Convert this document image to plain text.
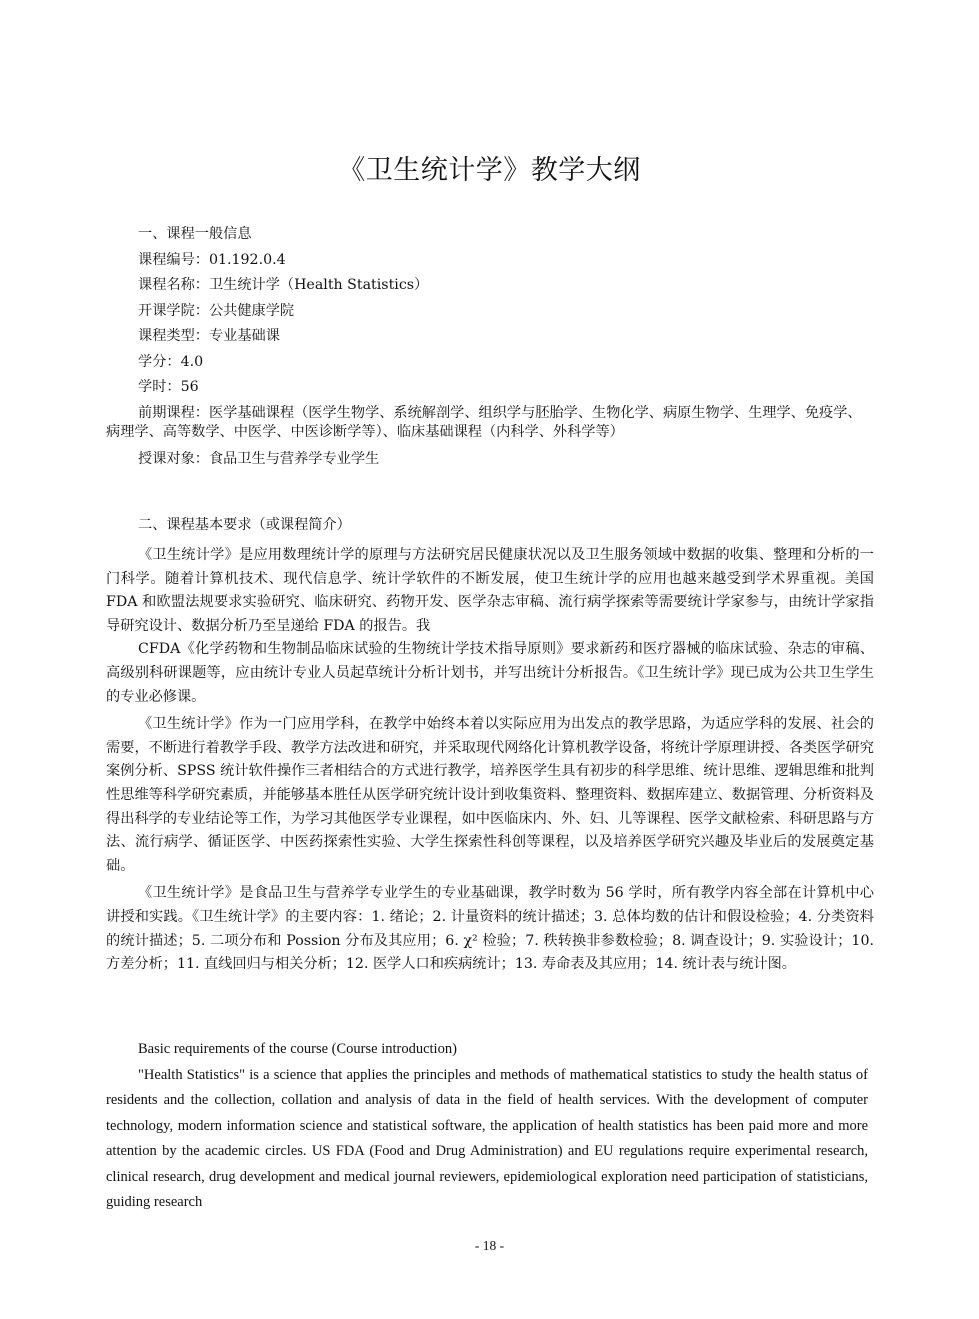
《卫生统计学》教学大纲
一、课程一般信息
课程编号：01.192.0.4
课程名称：卫生统计学（Health Statistics）
开课学院：公共健康学院
课程类型：专业基础课
学分：4.0
学时：56
前期课程：医学基础课程（医学生物学、系统解剖学、组织学与胚胎学、生物化学、病原生物学、生理学、免疫学、病理学、高等数学、中医学、中医诊断学等）、临床基础课程（内科学、外科学等）
授课对象：食品卫生与营养学专业学生
二、课程基本要求（或课程简介）

《卫生统计学》是应用数理统计学的原理与方法研究居民健康状况以及卫生服务领域中数据的收集、整理和分析的一门科学。随着计算机技术、现代信息学、统计学软件的不断发展，使卫生统计学的应用也越来越受到学术界重视。美国 FDA 和欧盟法规要求实验研究、临床研究、药物开发、医学杂志审稿、流行病学探索等需要统计学家参与，由统计学家指导研究设计、数据分析乃至呈递给 FDA 的报告。我

CFDA《化学药物和生物制品临床试验的生物统计学技术指导原则》要求新药和医疗器械的临床试验、杂志的审稿、高级别科研课题等，应由统计专业人员起草统计分析计划书，并写出统计分析报告。《卫生统计学》现已成为公共卫生学生的专业必修课。

《卫生统计学》作为一门应用学科，在教学中始终本着以实际应用为出发点的教学思路，为适应学科的发展、社会的需要，不断进行着教学手段、教学方法改进和研究，并采取现代网络化计算机教学设备，将统计学原理讲授、各类医学研究案例分析、SPSS 统计软件操作三者相结合的方式进行教学，培养医学生具有初步的科学思维、统计思维、逻辑思维和批判性思维等科学研究素质，并能够基本胜任从医学研究统计设计到收集资料、整理资料、数据库建立、数据管理、分析资料及得出科学的专业结论等工作，为学习其他医学专业课程，如中医临床内、外、妇、儿等课程、医学文献检索、科研思路与方法、流行病学、循证医学、中医药探索性实验、大学生探索性科创等课程，以及培养医学研究兴趣及毕业后的发展奠定基础。

《卫生统计学》是食品卫生与营养学专业学生的专业基础课，教学时数为 56 学时，所有教学内容全部在计算机中心讲授和实践。《卫生统计学》的主要内容：1. 绪论；2. 计量资料的统计描述；3. 总体均数的估计和假设检验；4. 分类资料的统计描述；5. 二项分布和 Possion 分布及其应用；6. χ² 检验；7. 秩转换非参数检验；8. 调查设计；9. 实验设计；10. 方差分析；11. 直线回归与相关分析；12. 医学人口和疾病统计；13. 寿命表及其应用；14. 统计表与统计图。

Basic requirements of the course (Course introduction)

"Health Statistics" is a science that applies the principles and methods of mathematical statistics to study the health status of residents and the collection, collation and analysis of data in the field of health services. With the development of computer technology, modern information science and statistical software, the application of health statistics has been paid more and more attention by the academic circles. US FDA (Food and Drug Administration) and EU regulations require experimental research, clinical research, drug development and medical journal reviewers, epidemiological exploration need participation of statisticians, guiding research

- 18 -
